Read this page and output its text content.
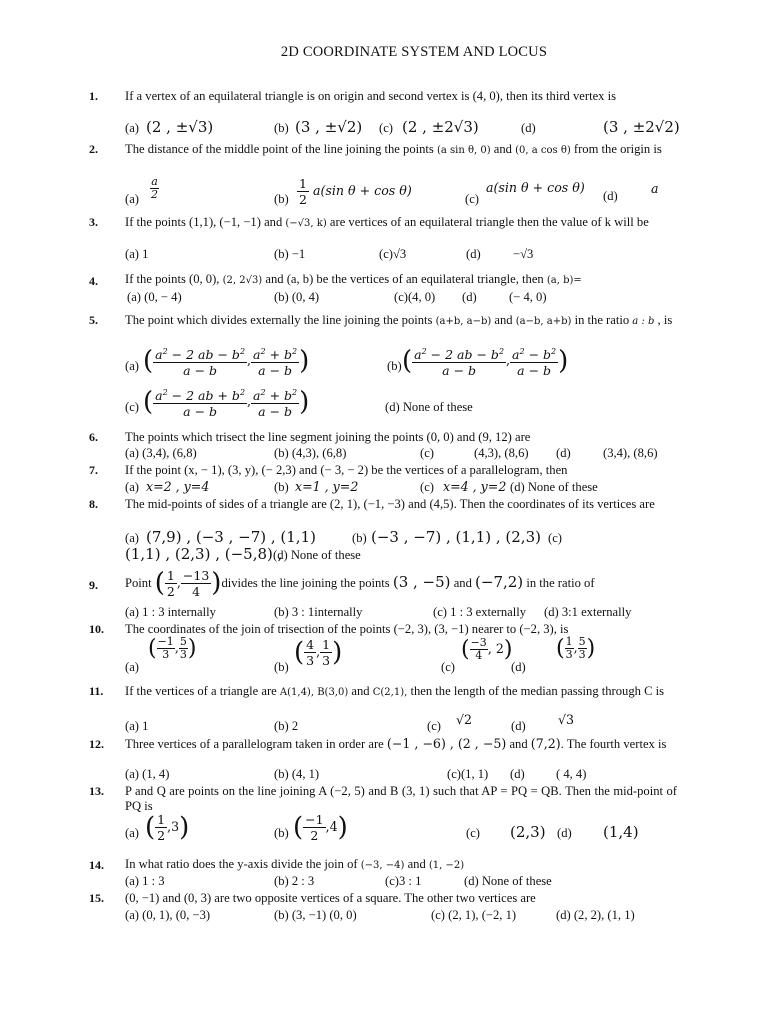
2D COORDINATE SYSTEM AND LOCUS
1. If a vertex of an equilateral triangle is on origin and second vertex is (4, 0), then its third vertex is
(a) (2 , ±√3)	(b) (3 , ±√2) (c) (2 , ±2√3)	(d)	(3 , ±2√2)
2. The distance of the middle point of the line joining the points (a sin θ, 0) and (0, a cos θ) from the origin is
$(a) \frac{a}{2}$	$(b) \frac{1}{2} a(\sin$ θ + cos θ)
(c)
a(sin θ + cos θ)
(d)	a
3. If the points (1,1), (−1, −1) and (−√3, k) are vertices of an equilateral triangle then the value of k will be
(a) 1	(b) −1	(c)√3	(d)	−√3
4. If the points (0, 0), (2, 2√3) and (a, b) be the vertices of an equilateral triangle, then (a, b)=
(a) (0, − 4)	(b) (0, 4)	(c)(4, 0) (d)	(− 4, 0)
5. The point which divides externally the line joining the points (a+b, a−b) and (a−b, a+b) in the ratio a : b , is
(a) ( $\frac{a^2 - 2 ab - b^2}{a - b}$ , $\frac{a^2 + b^2}{a - b}$ )	(b) ( $\frac{a^2 - 2 ab - b^2}{a - b}$ , $\frac{a^2 - b^2}{a - b}$ )
(c) ( $\frac{a^2 - 2 ab + b^2}{a - b}$ , $\frac{a^2 + b^2}{a - b}$ )	(d) None of these
6. The points which trisect the line segment joining the points (0, 0) and (9, 12) are
(a) (3,4), (6,8)	(b) (4,3), (6,8)	(c)	(4,3), (8,6) (d)	(3,4), (8,6)
7. If the point (x, − 1), (3, y), (− 2,3) and (− 3, − 2) be the vertices of a parallelogram, then
(a) x=2 , y=4	(b) x=1 , y=2	(c) x=4 , y=2 (d) None of these
8. The mid-points of sides of a triangle are (2, 1), (−1, −3) and (4,5). Then the coordinates of its vertices are
(a) (7,9) , (−3 , −7) , (1,1)	(b) (−3 , −7) , (1,1) , (2,3) (c)
(1,1) , (2,3) , (−5,8) ,
(d) None of these
9. Point ( $\frac{1}{2}$ , $\frac{-13}{4}$ )divides the line joining the points (3 , −5) and (−7,2) in the ratio of
(a) 1 : 3 internally	(b) 3 : 1internally	(c) 1 : 3 externally (d) 3:1 externally
10. The coordinates of the join of trisection of the points (−2, 3), (3, −1) nearer to (−2, 3), is
(a)
( $\frac{-1}{3}$ , $\frac{5}{3}$ )
(b) ( $\frac{4}{3}$ , $\frac{1}{3}$ )	(c)
( $\frac{-3}{4}$ , 2)
(d)
( $\frac{1}{3}$ , $\frac{5}{3}$ )
11. If the vertices of a triangle are A(1,4), B(3,0) and C(2,1), then the length of the median passing through C is
(a) 1	(b) 2	(c) √2	(d)	√3
12. Three vertices of a parallelogram taken in order are (−1 , −6) , (2 , −5) and (7,2). The fourth vertex is
(a) (1, 4)	(b) (4, 1)	(c)(1, 1) (d) ( 4, 4)
13. P and Q are points on the line joining A (−2, 5) and B (3, 1) such that AP = PQ = QB. Then the mid-point of PQ is
(a) ( $\frac{1}{2} ,3$)	(b) ( $\frac{-1}{2} ,4$)	(c) (2,3) (d) (1,4)
14. In what ratio does the y-axis divide the join of (−3, −4) and (1, −2)
(a) 1 : 3	(b) 2 : 3	(c)3 : 1	(d) None of these
15. (0, −1) and (0, 3) are two opposite vertices of a square. The other two vertices are
(a) (0, 1), (0, −3)	(b) (3, −1) (0, 0)	(c) (2, 1), (−2, 1)	(d) (2, 2), (1, 1)
